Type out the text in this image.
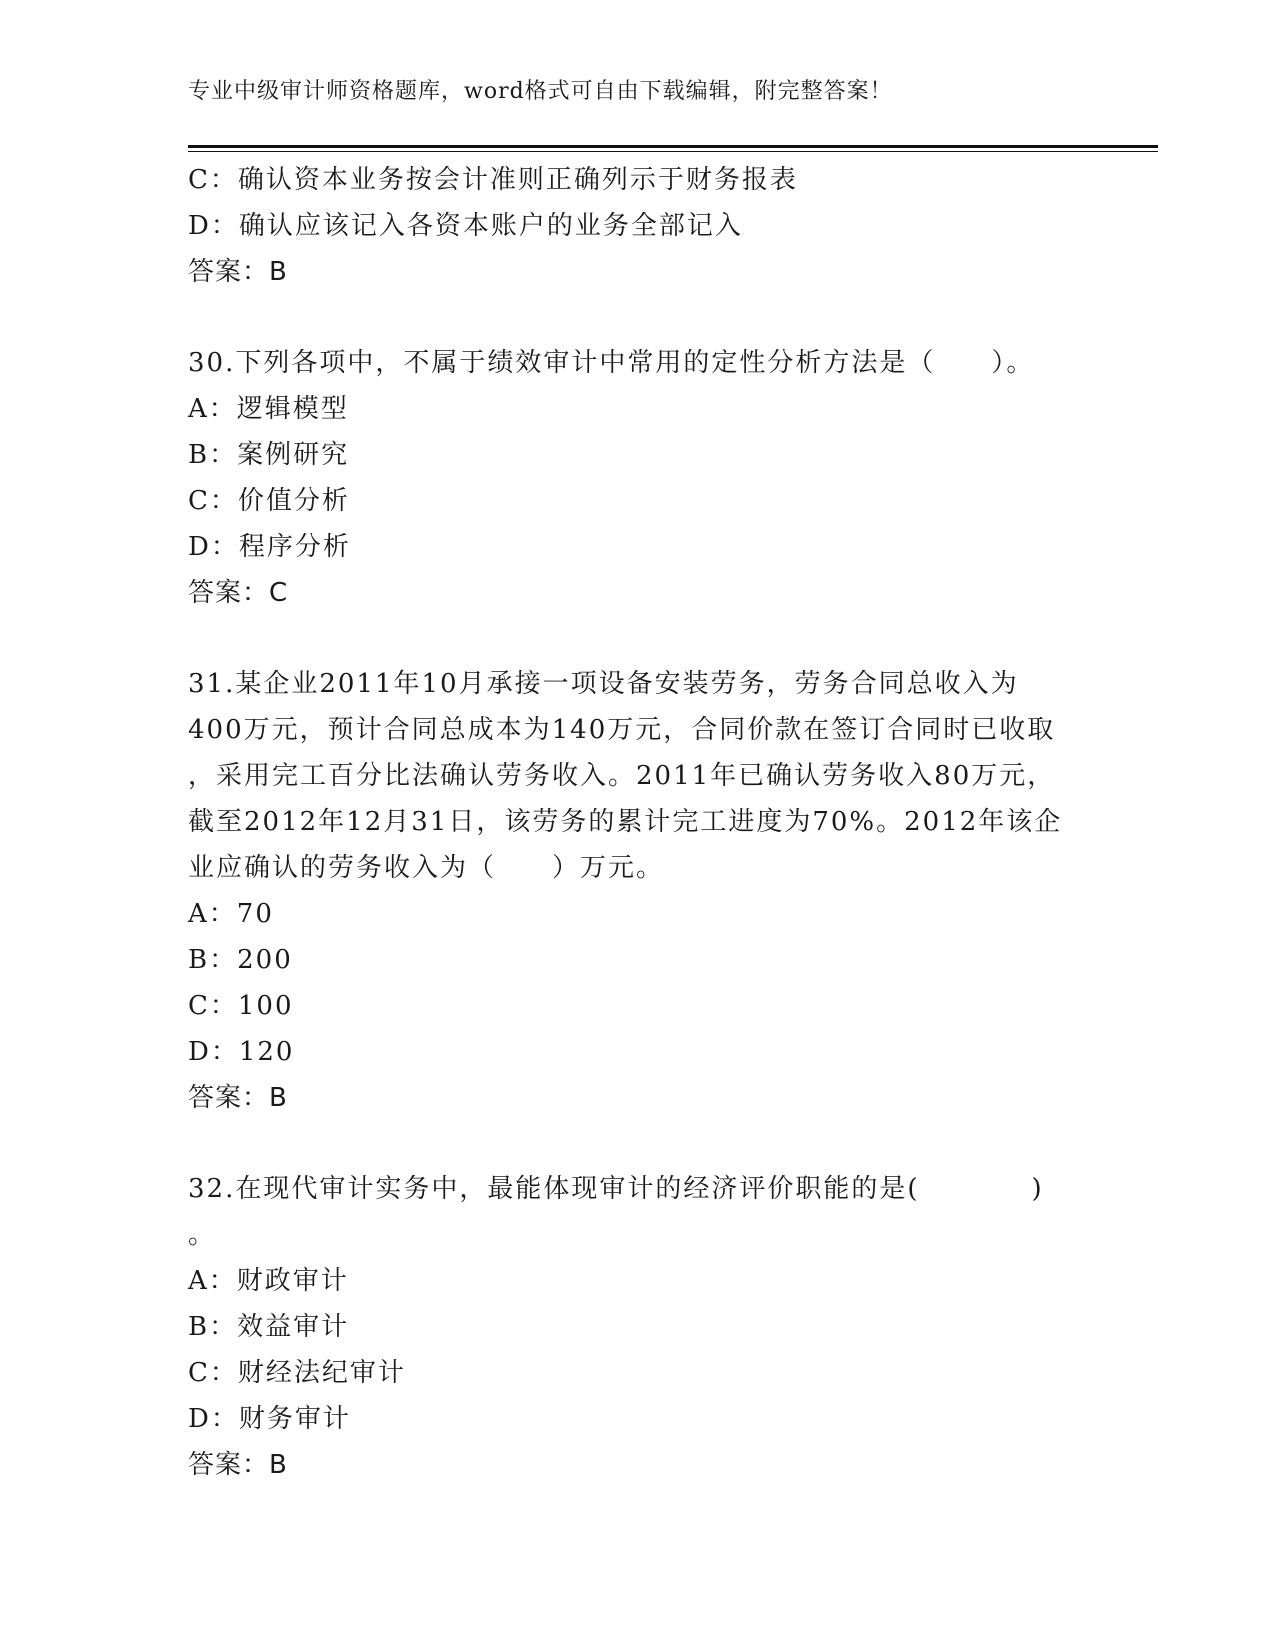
专业中级审计师资格题库，word格式可自由下载编辑，附完整答案！
C：确认资本业务按会计准则正确列示于财务报表
D：确认应该记入各资本账户的业务全部记入
答案：B
30.下列各项中，不属于绩效审计中常用的定性分析方法是（　　）。
A：逻辑模型
B：案例研究
C：价值分析
D：程序分析
答案：C
31.某企业2011年10月承接一项设备安装劳务，劳务合同总收入为
400万元，预计合同总成本为140万元，合同价款在签订合同时已收取
，采用完工百分比法确认劳务收入。2011年已确认劳务收入80万元，
截至2012年12月31日，该劳务的累计完工进度为70%。2012年该企
业应确认的劳务收入为（　　）万元。
A：70
B：200
C：100
D：120
答案：B
32.在现代审计实务中，最能体现审计的经济评价职能的是(　　　　)
。
A：财政审计
B：效益审计
C：财经法纪审计
D：财务审计
答案：B
